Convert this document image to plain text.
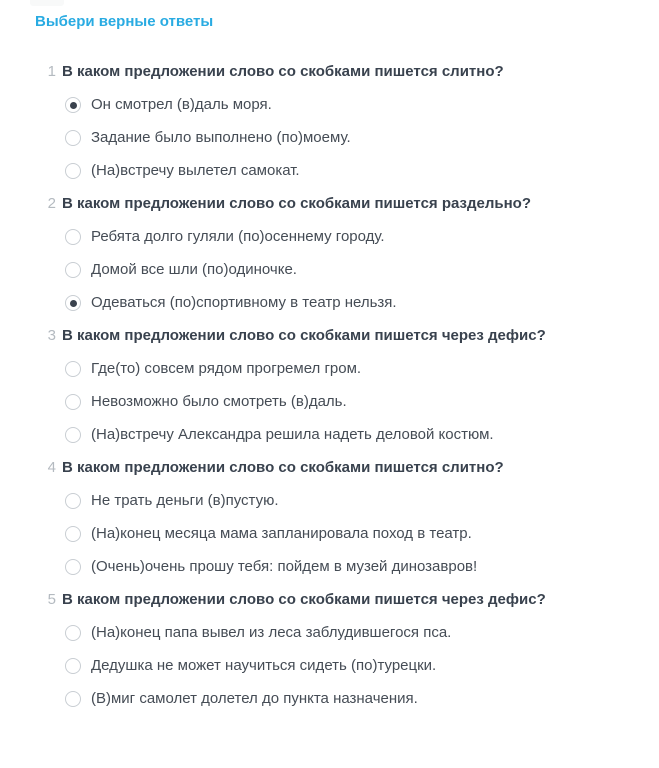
Выбери верные ответы
1 В каком предложении слово со скобками пишется слитно?
Он смотрел (в)даль моря.
Задание было выполнено (по)моему.
(На)встречу вылетел самокат.
2 В каком предложении слово со скобками пишется раздельно?
Ребята долго гуляли (по)осеннему городу.
Домой все шли (по)одиночке.
Одеваться (по)спортивному в театр нельзя.
3 В каком предложении слово со скобками пишется через дефис?
Где(то) совсем рядом прогремел гром.
Невозможно было смотреть (в)даль.
(На)встречу Александра решила надеть деловой костюм.
4 В каком предложении слово со скобками пишется слитно?
Не трать деньги (в)пустую.
(На)конец месяца мама запланировала поход в театр.
(Очень)очень прошу тебя: пойдем в музей динозавров!
5 В каком предложении слово со скобками пишется через дефис?
(На)конец папа вывел из леса заблудившегося пса.
Дедушка не может научиться сидеть (по)турецки.
(В)миг самолет долетел до пункта назначения.
